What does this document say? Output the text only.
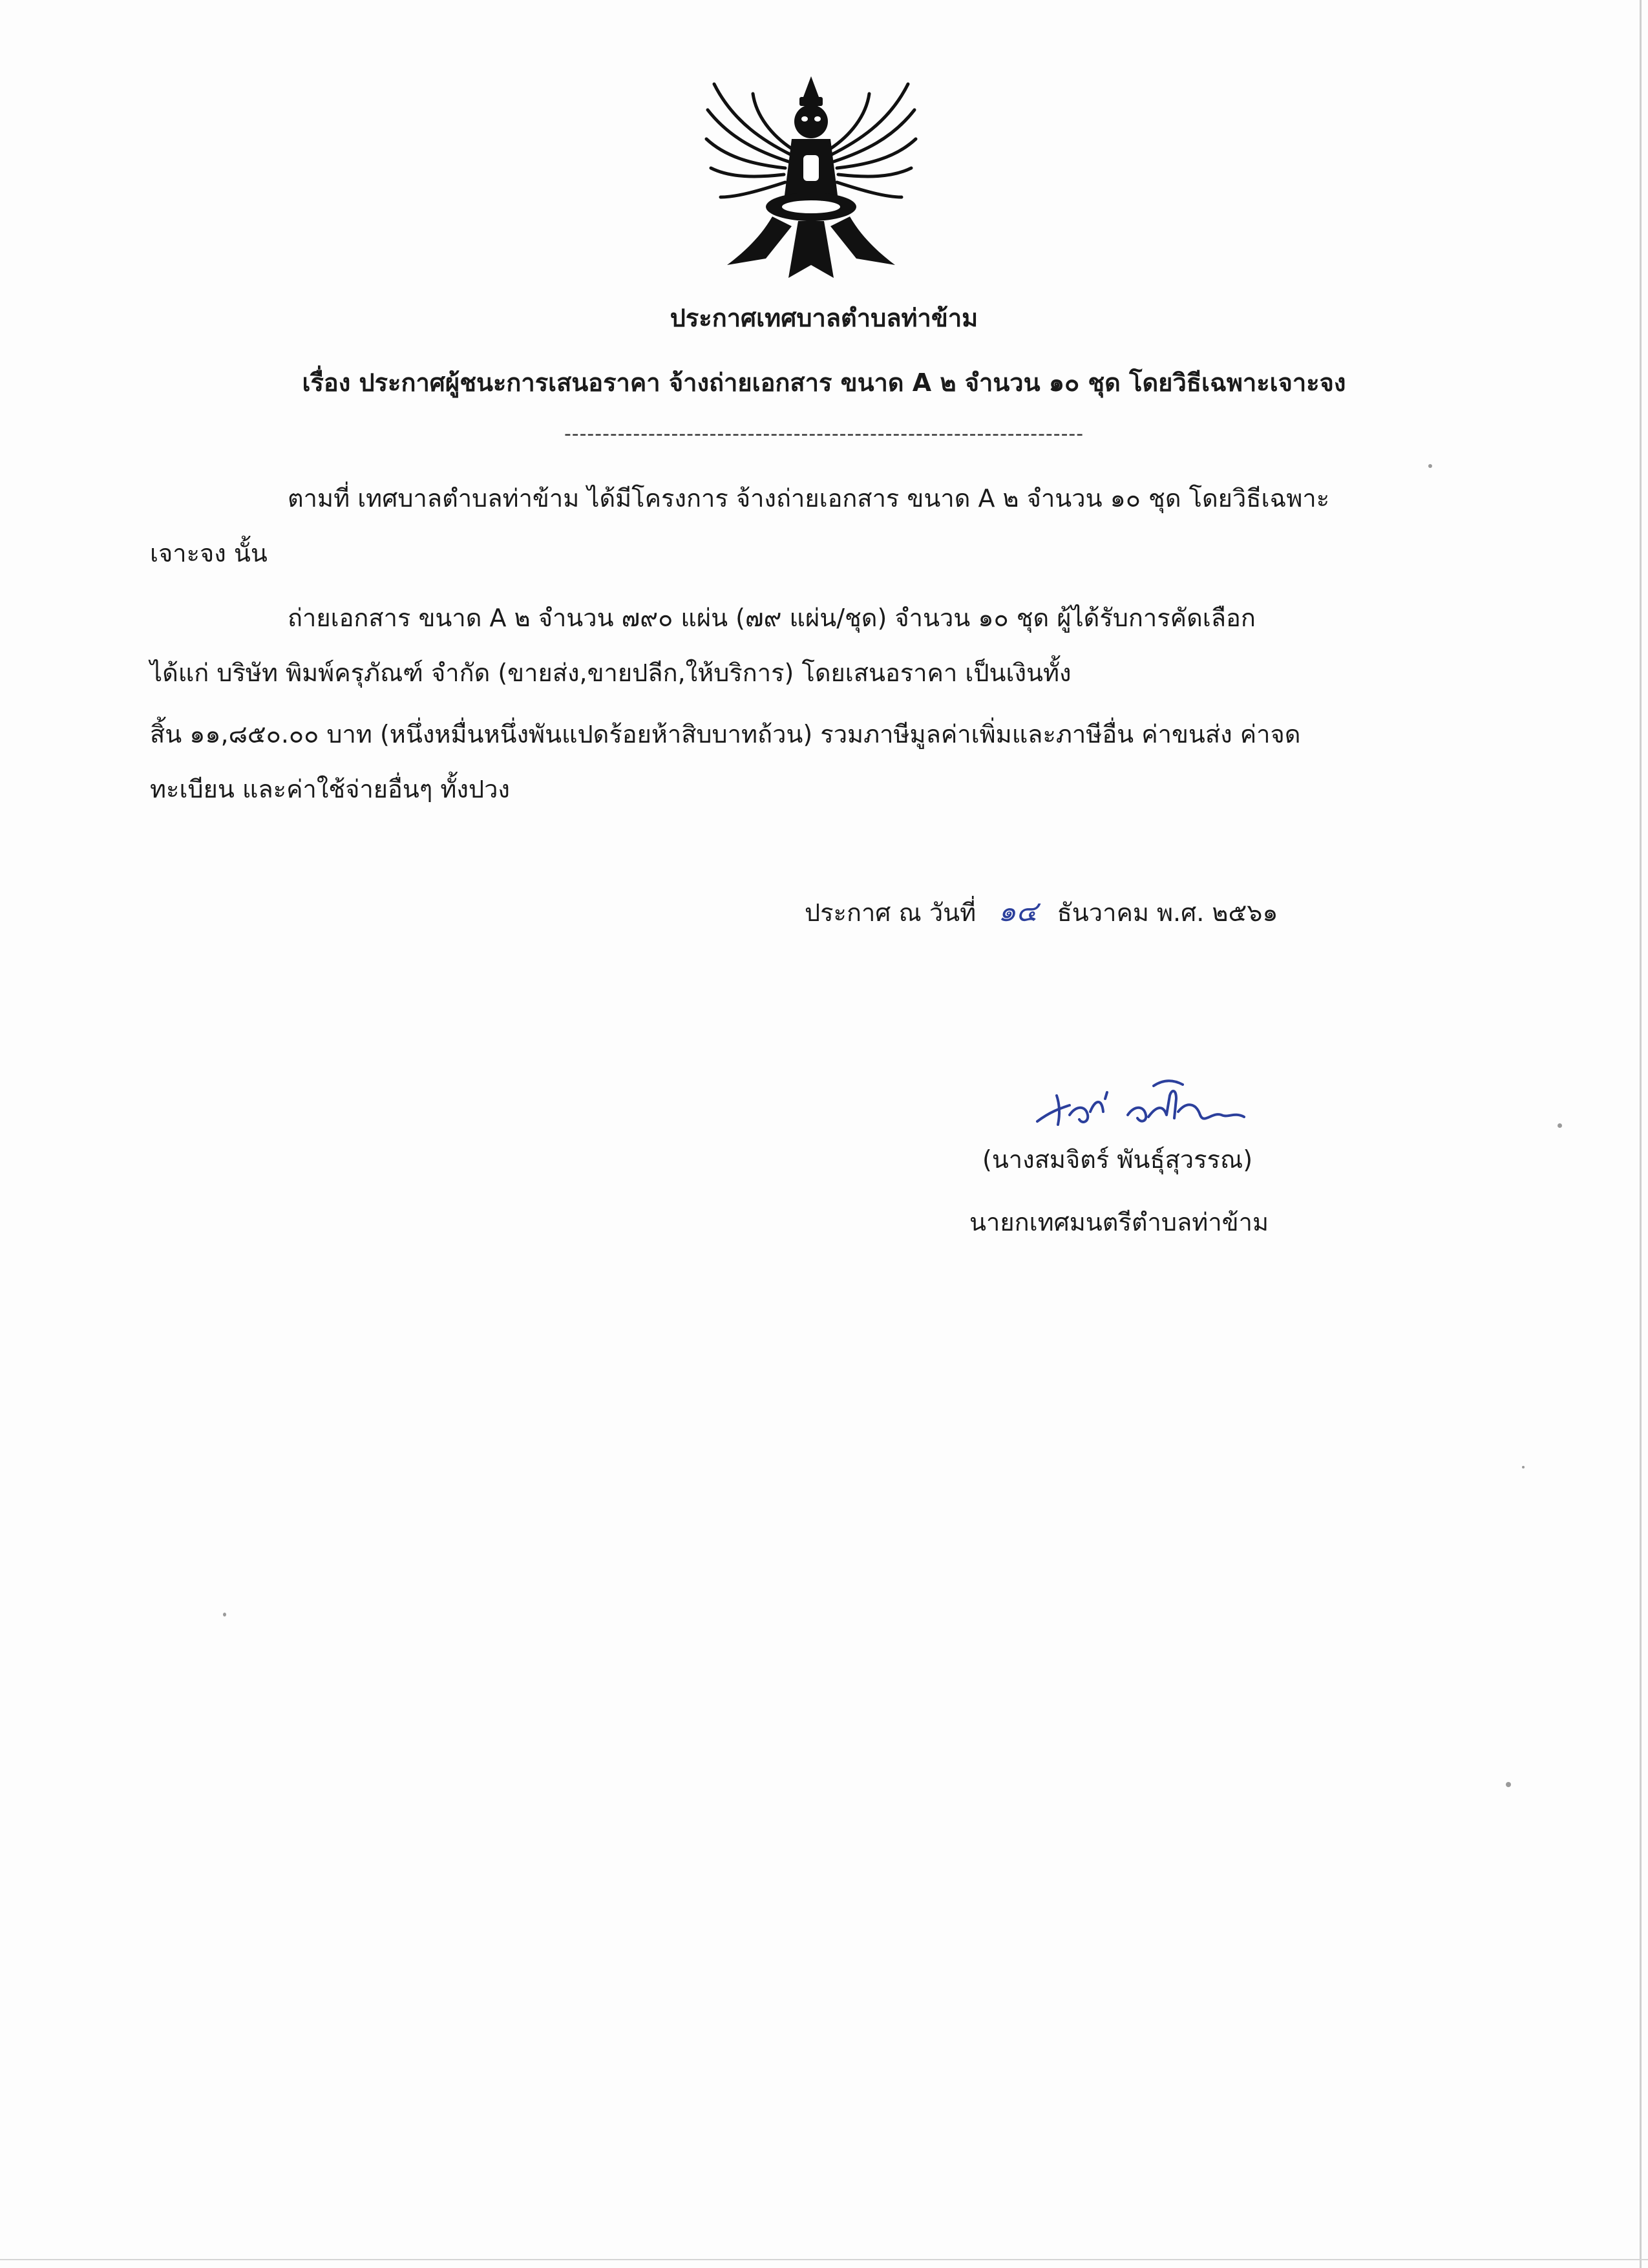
ประกาศเทศบาลตำบลท่าข้าม
เรื่อง ประกาศผู้ชนะการเสนอราคา จ้างถ่ายเอกสาร ขนาด A ๒ จำนวน ๑๐ ชุด โดยวิธีเฉพาะเจาะจง
--------------------------------------------------------------------
ตามที่ เทศบาลตำบลท่าข้าม ได้มีโครงการ จ้างถ่ายเอกสาร ขนาด A ๒ จำนวน ๑๐ ชุด โดยวิธีเฉพาะ
เจาะจง นั้น
ถ่ายเอกสาร ขนาด A ๒ จำนวน ๗๙๐ แผ่น (๗๙ แผ่น/ชุด) จำนวน ๑๐ ชุด ผู้ได้รับการคัดเลือก
ได้แก่ บริษัท พิมพ์ครุภัณฑ์ จำกัด (ขายส่ง,ขายปลีก,ให้บริการ) โดยเสนอราคา เป็นเงินทั้ง
สิ้น ๑๑,๘๕๐.๐๐ บาท (หนึ่งหมื่นหนึ่งพันแปดร้อยห้าสิบบาทถ้วน) รวมภาษีมูลค่าเพิ่มและภาษีอื่น ค่าขนส่ง ค่าจด
ทะเบียน และค่าใช้จ่ายอื่นๆ ทั้งปวง
ประกาศ ณ วันที่ ๑๔ ธันวาคม พ.ศ. ๒๕๖๑
(นางสมจิตร์ พันธุ์สุวรรณ)
นายกเทศมนตรีตำบลท่าข้าม
